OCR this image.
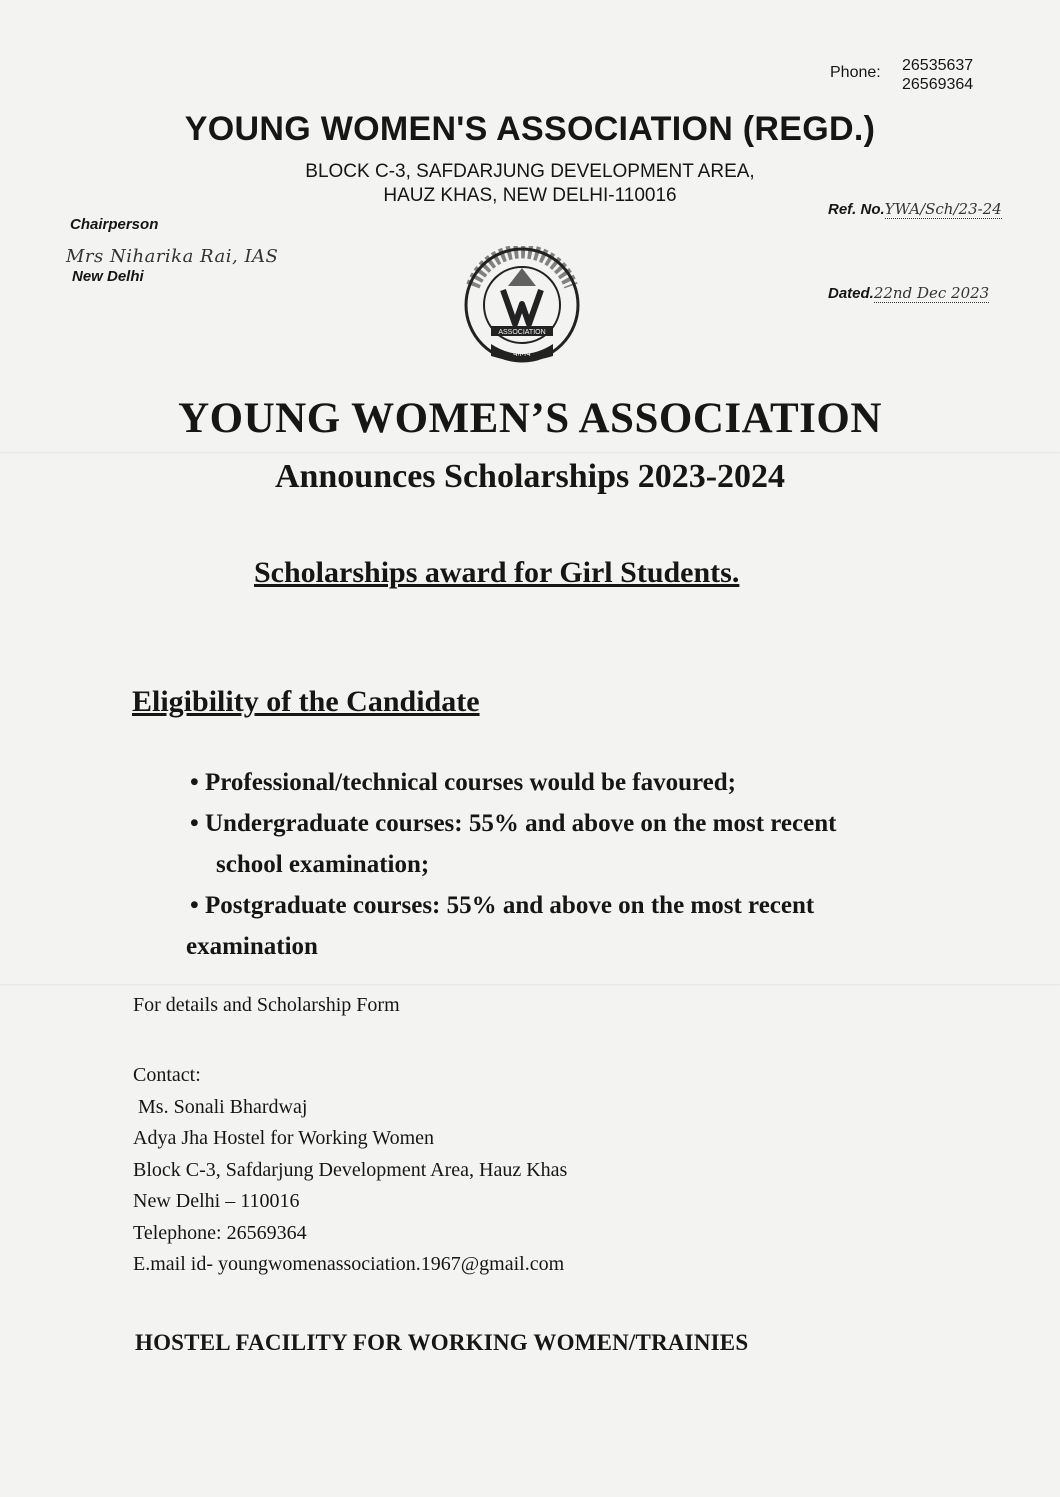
Phone: 26535637
26569364
YOUNG WOMEN'S ASSOCIATION (REGD.)
BLOCK C-3, SAFDARJUNG DEVELOPMENT AREA,
HAUZ KHAS, NEW DELHI-110016
Chairperson
Mrs Niharika Rai, IAS
New Delhi
Ref. No.YWA/Sch/23-24
Dated.22nd Dec 2023
ASSOCIATION
कामये
YOUNG WOMEN’S ASSOCIATION
Announces Scholarships 2023-2024
Scholarships award for Girl Students.
Eligibility of the Candidate
• Professional/technical courses would be favoured;
• Undergraduate courses: 55% and above on the most recent
school examination;
• Postgraduate courses: 55% and above on the most recent
examination
For details and Scholarship Form
Contact:
Ms. Sonali Bhardwaj
Adya Jha Hostel for Working Women
Block C-3, Safdarjung Development Area, Hauz Khas
New Delhi – 110016
Telephone: 26569364
E.mail id- youngwomenassociation.1967@gmail.com
HOSTEL FACILITY FOR WORKING WOMEN/TRAINIES
